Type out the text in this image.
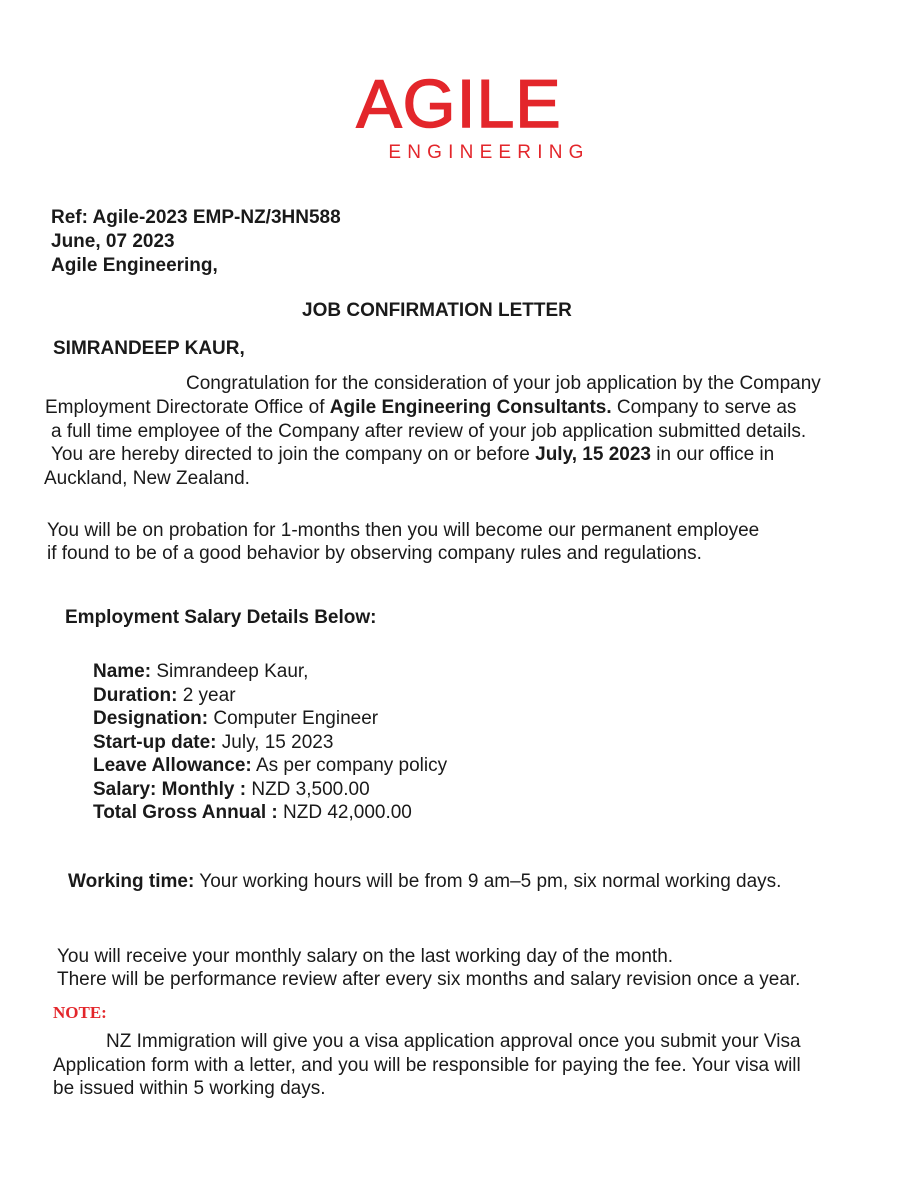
AGILE
ENGINEERING
Ref: Agile-2023 EMP-NZ/3HN588
June, 07 2023
Agile Engineering,
JOB CONFIRMATION LETTER
SIMRANDEEP KAUR,
Congratulation for the consideration of your job application by the Company
Employment Directorate Office of Agile Engineering Consultants. Company to serve as
a full time employee of the Company after review of your job application submitted details.
You are hereby directed to join the company on or before July, 15 2023 in our office in
Auckland, New Zealand.
You will be on probation for 1-months then you will become our permanent employee
if found to be of a good behavior by observing company rules and regulations.
Employment Salary Details Below:
Name: Simrandeep Kaur,
Duration: 2 year
Designation: Computer Engineer
Start-up date: July, 15 2023
Leave Allowance: As per company policy
Salary: Monthly : NZD 3,500.00
Total Gross Annual : NZD 42,000.00
Working time: Your working hours will be from 9 am–5 pm, six normal working days.
You will receive your monthly salary on the last working day of the month.
There will be performance review after every six months and salary revision once a year.
NOTE:
NZ Immigration will give you a visa application approval once you submit your Visa
Application form with a letter, and you will be responsible for paying the fee. Your visa will
be issued within 5 working days.
